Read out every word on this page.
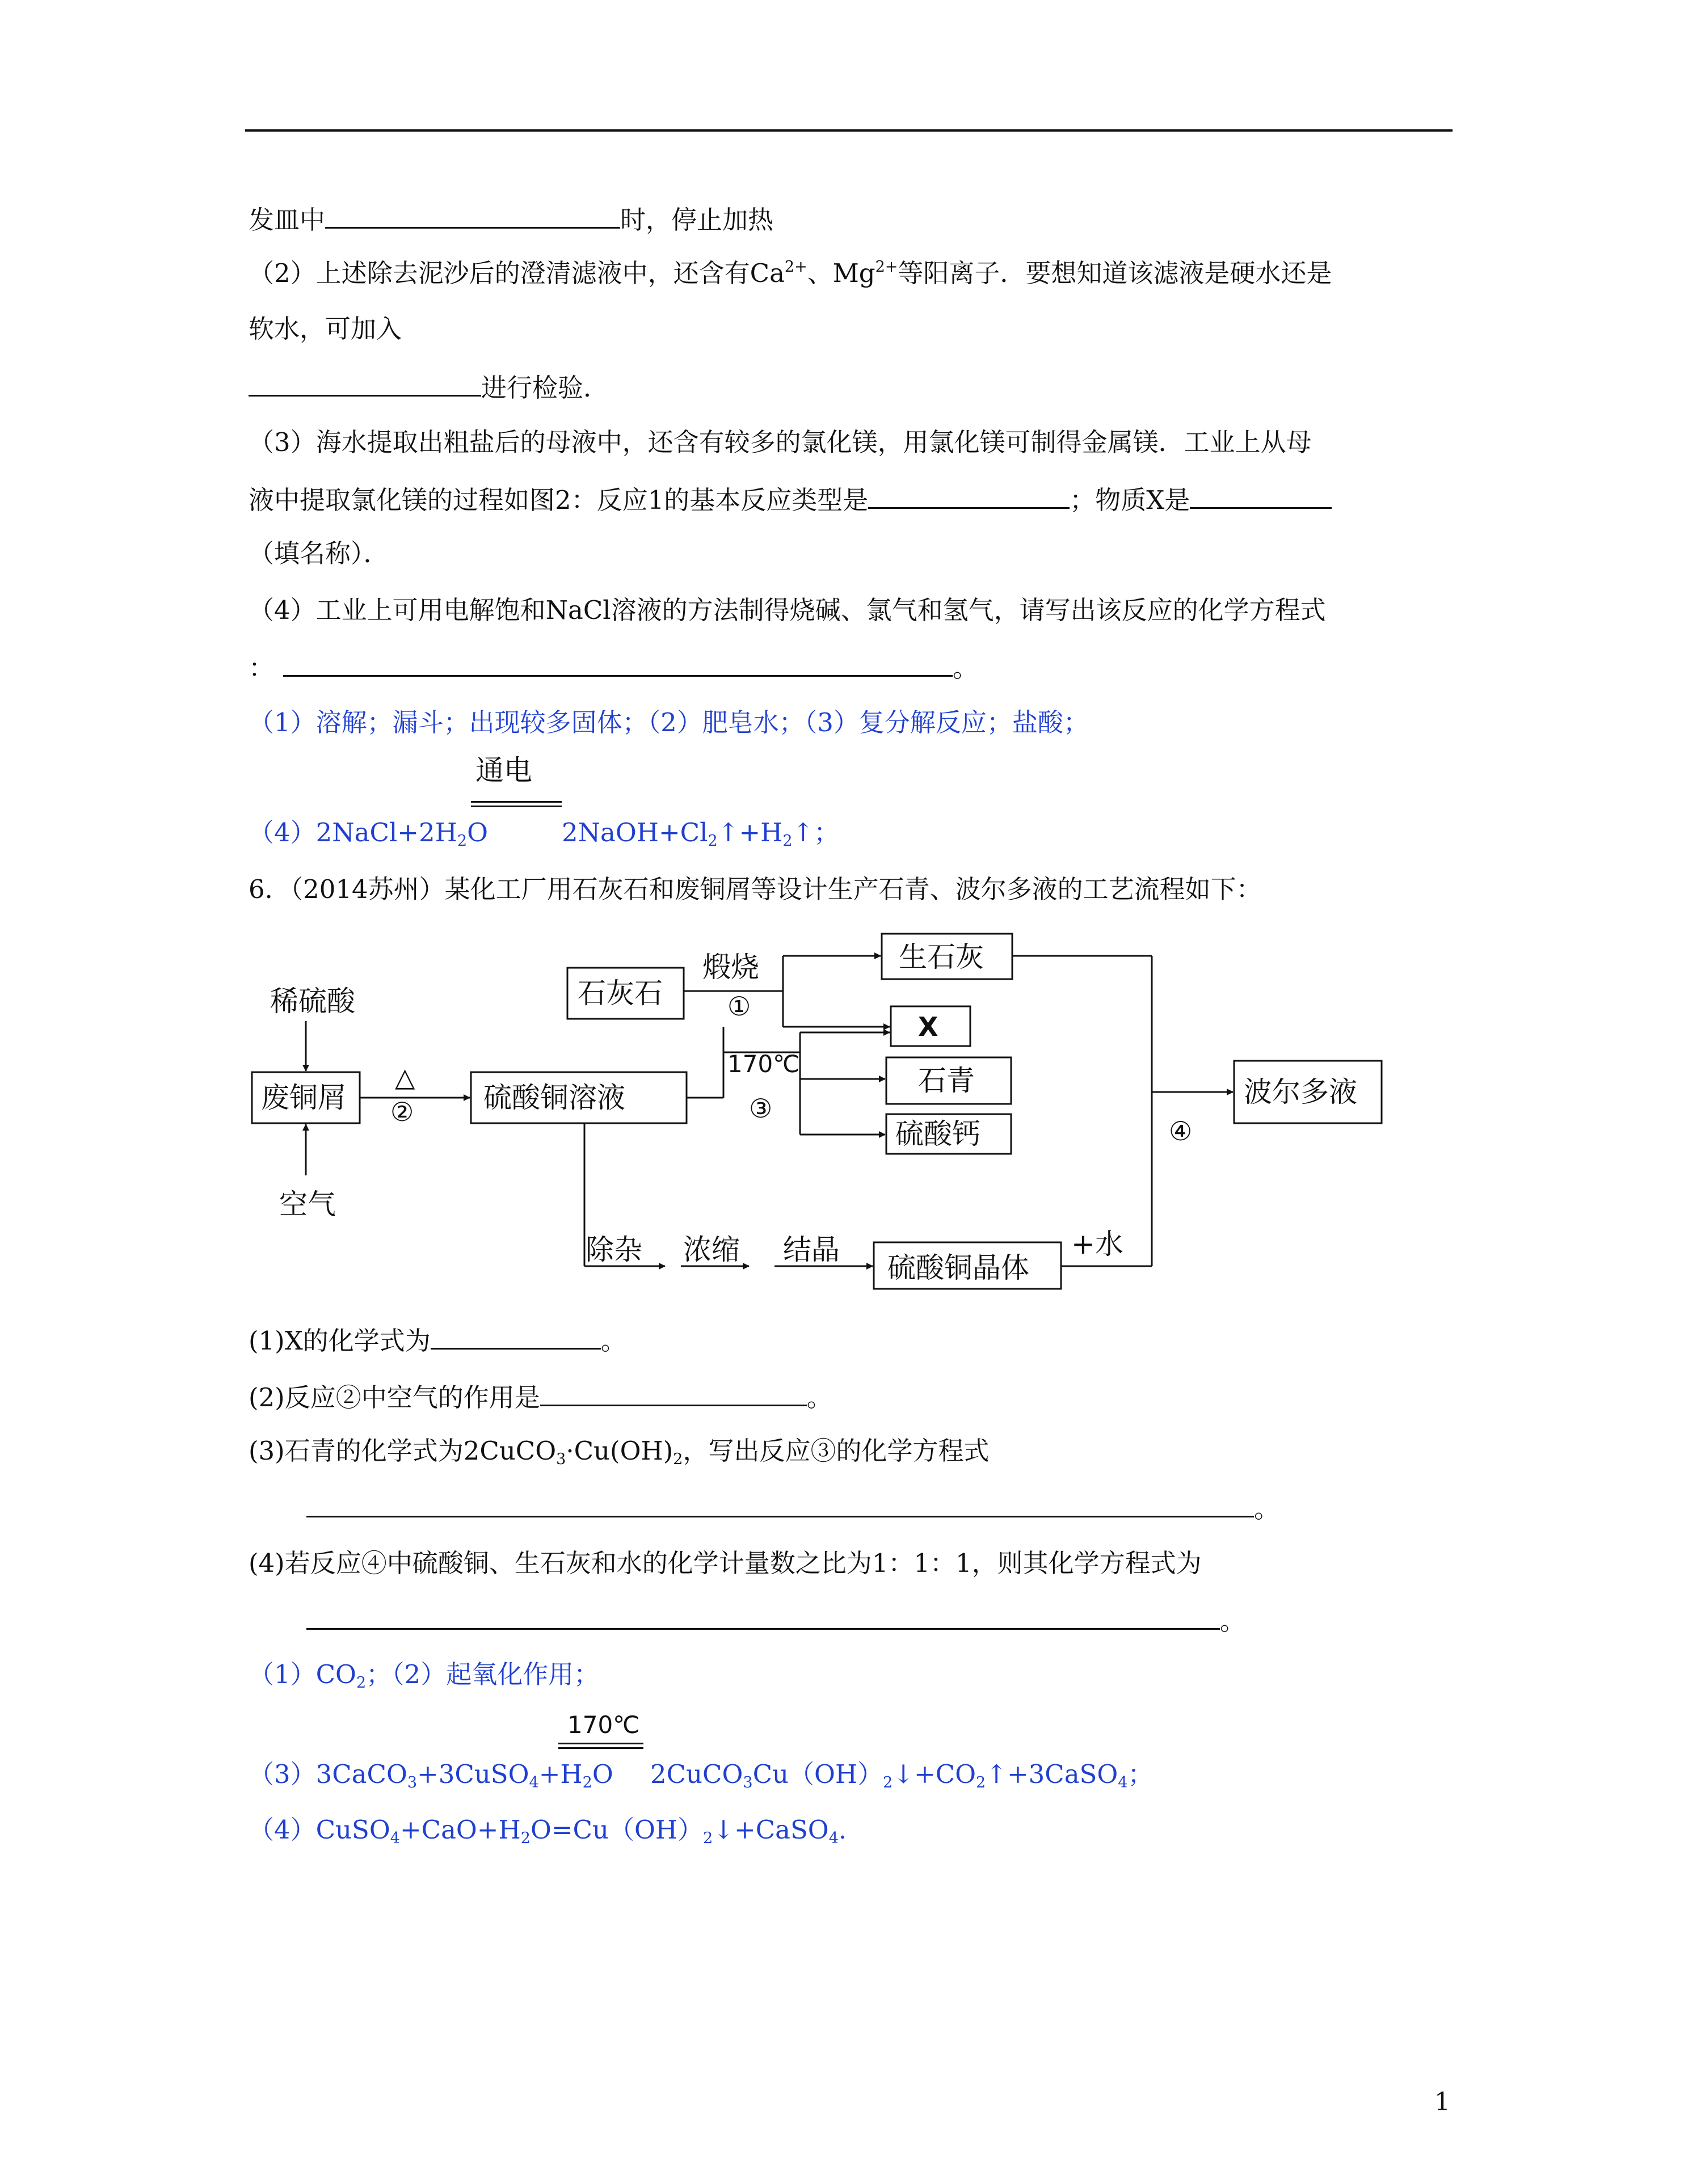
发皿中	时，停止加热
（2）上述除去泥沙后的澄清滤液中，还含有$Ca^{2+}$、$Mg^{2+}$等阳离子．要想知道该滤液是硬水还是
软水，可加入
进行检验．
（3）海水提取出粗盐后的母液中，还含有较多的氯化镁，用氯化镁可制得金属镁．工业上从母
液中提取氯化镁的过程如图2：反应1的基本反应类型是	；物质X是
（填名称）．
（4）工业上可用电解饱和NaCl溶液的方法制得烧碱、氯气和氢气，请写出该反应的化学方程式
：	。
（1）溶解；漏斗；出现较多固体；（2）肥皂水；（3）复分解反应；盐酸；
通电
$(4)2NaCl+2H_2O$	$2NaOH+Cl_2↑+H_2↑$；
6．（2014苏州）某化工厂用石灰石和废铜屑等设计生产石青、波尔多液的工艺流程如下：
稀硫酸
废铜屑
空气
△
② 硫酸铜溶液
石灰石
煅烧
①
170℃
③
生石灰
X
石青
硫酸钙	④
波尔多液
除杂 浓缩 结晶
硫酸铜晶体
+水
(1)X的化学式为	。
(2)反应②中空气的作用是	。
(3)石青的化学式为$2CuCO_3\cdot Cu(OH)_2$，写出反应③的化学方程式
。
(4)若反应④中硫酸铜、生石灰和水的化学计量数之比为1：1：1，则其化学方程式为
。
$(1)CO_2$；（2）起氧化作用；
170℃
$(3)3CaCO_3+3CuSO_4+H_2O$ $2CuCO_3Cu(OH)_2↓+CO_2↑+3CaSO_4$；
$(4)CuSO_4+CaO+H_2O=Cu(OH)_2↓+CaSO_4$.
1
